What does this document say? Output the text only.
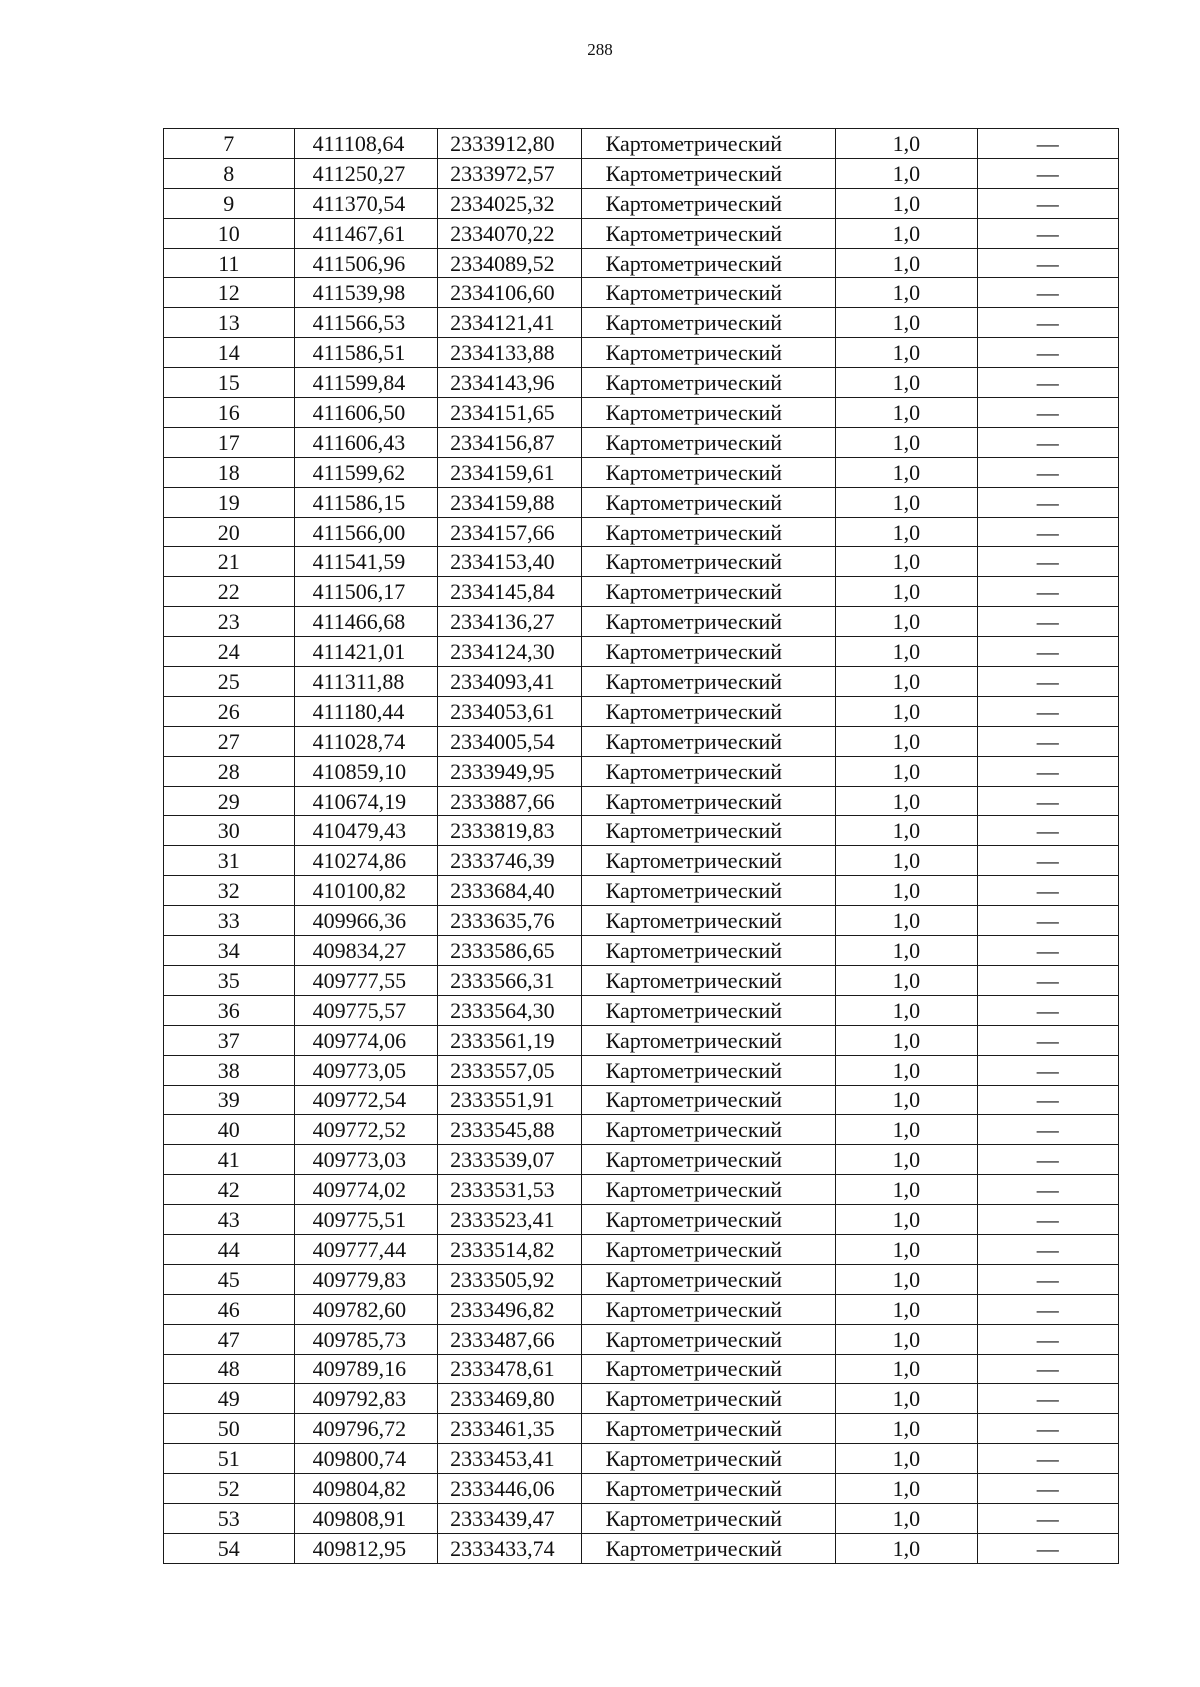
288
7	411108,64	2333912,80	Картометрический	1,0	—
8	411250,27	2333972,57	Картометрический	1,0	—
9	411370,54	2334025,32	Картометрический	1,0	—
10	411467,61	2334070,22	Картометрический	1,0	—
11	411506,96	2334089,52	Картометрический	1,0	—
12	411539,98	2334106,60	Картометрический	1,0	—
13	411566,53	2334121,41	Картометрический	1,0	—
14	411586,51	2334133,88	Картометрический	1,0	—
15	411599,84	2334143,96	Картометрический	1,0	—
16	411606,50	2334151,65	Картометрический	1,0	—
17	411606,43	2334156,87	Картометрический	1,0	—
18	411599,62	2334159,61	Картометрический	1,0	—
19	411586,15	2334159,88	Картометрический	1,0	—
20	411566,00	2334157,66	Картометрический	1,0	—
21	411541,59	2334153,40	Картометрический	1,0	—
22	411506,17	2334145,84	Картометрический	1,0	—
23	411466,68	2334136,27	Картометрический	1,0	—
24	411421,01	2334124,30	Картометрический	1,0	—
25	411311,88	2334093,41	Картометрический	1,0	—
26	411180,44	2334053,61	Картометрический	1,0	—
27	411028,74	2334005,54	Картометрический	1,0	—
28	410859,10	2333949,95	Картометрический	1,0	—
29	410674,19	2333887,66	Картометрический	1,0	—
30	410479,43	2333819,83	Картометрический	1,0	—
31	410274,86	2333746,39	Картометрический	1,0	—
32	410100,82	2333684,40	Картометрический	1,0	—
33	409966,36	2333635,76	Картометрический	1,0	—
34	409834,27	2333586,65	Картометрический	1,0	—
35	409777,55	2333566,31	Картометрический	1,0	—
36	409775,57	2333564,30	Картометрический	1,0	—
37	409774,06	2333561,19	Картометрический	1,0	—
38	409773,05	2333557,05	Картометрический	1,0	—
39	409772,54	2333551,91	Картометрический	1,0	—
40	409772,52	2333545,88	Картометрический	1,0	—
41	409773,03	2333539,07	Картометрический	1,0	—
42	409774,02	2333531,53	Картометрический	1,0	—
43	409775,51	2333523,41	Картометрический	1,0	—
44	409777,44	2333514,82	Картометрический	1,0	—
45	409779,83	2333505,92	Картометрический	1,0	—
46	409782,60	2333496,82	Картометрический	1,0	—
47	409785,73	2333487,66	Картометрический	1,0	—
48	409789,16	2333478,61	Картометрический	1,0	—
49	409792,83	2333469,80	Картометрический	1,0	—
50	409796,72	2333461,35	Картометрический	1,0	—
51	409800,74	2333453,41	Картометрический	1,0	—
52	409804,82	2333446,06	Картометрический	1,0	—
53	409808,91	2333439,47	Картометрический	1,0	—
54	409812,95	2333433,74	Картометрический	1,0	—
